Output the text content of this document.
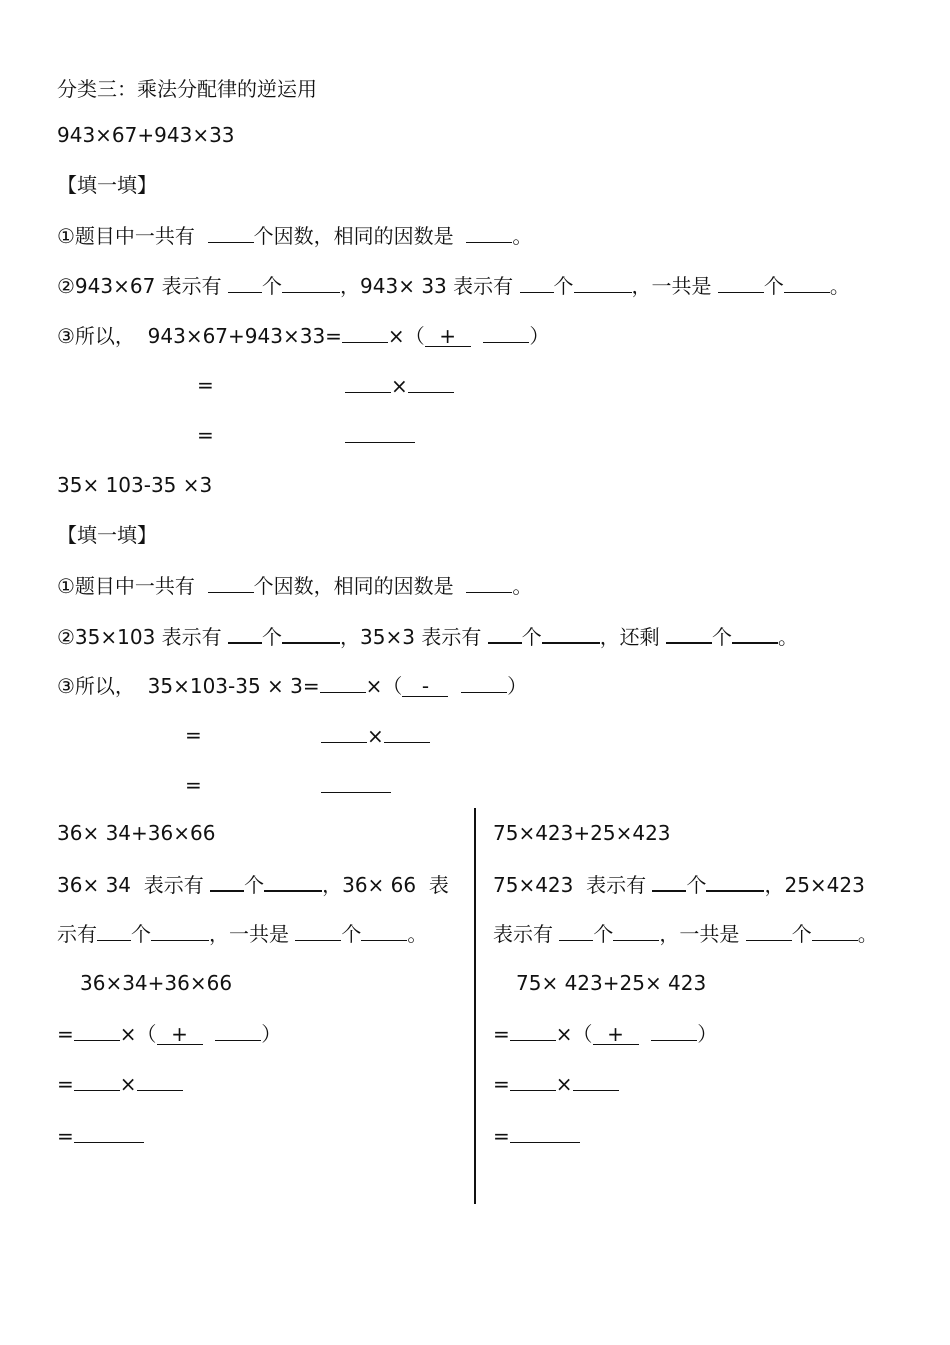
分类三：乘法分配律的逆运用
943×67+943×33
【填一填】
①题目中一共有	个因数，相同的因数是	。
②943×67 表示有 个	，943× 33 表示有 个	，一共是	个 。
③所以，  943×67+943×33= ×（ +	）
=	×
=
35× 103-35 ×3
【填一填】
①题目中一共有	个因数，相同的因数是	。
②35×103 表示有 个	，35×3 表示有 个	，还剩	个 。
③所以，  35×103-35 × 3= ×（ -	）
=	×
=
36× 34+36×66
36× 34  表示有 个	，36× 66  表
示有 个	，一共是	个 。
36×34+36×66
= ×（ +	）
= ×
=
75×423+25×423
75×423  表示有 个	，25×423
表示有 个 ，一共是	个 。
75× 423+25× 423
= ×（ +	）
= ×
=
